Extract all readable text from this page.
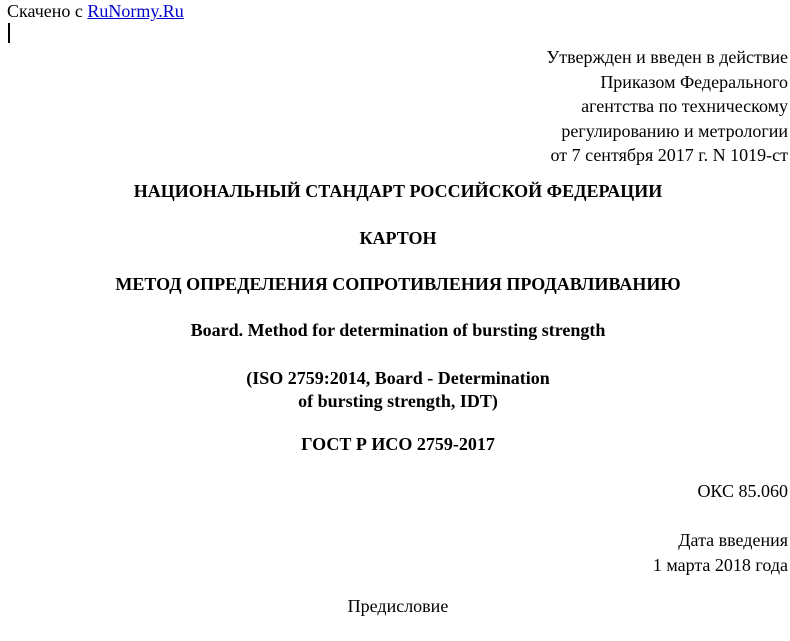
Скачено с RuNormy.Ru
Утвержден и введен в действие
Приказом Федерального
агентства по техническому
регулированию и метрологии
от 7 сентября 2017 г. N 1019-ст
НАЦИОНАЛЬНЫЙ СТАНДАРТ РОССИЙСКОЙ ФЕДЕРАЦИИ
КАРТОН
МЕТОД ОПРЕДЕЛЕНИЯ СОПРОТИВЛЕНИЯ ПРОДАВЛИВАНИЮ
Board. Method for determination of bursting strength
(ISO 2759:2014, Board - Determination
of bursting strength, IDT)
ГОСТ Р ИСО 2759-2017
ОКС 85.060
Дата введения
1 марта 2018 года
Предисловие
